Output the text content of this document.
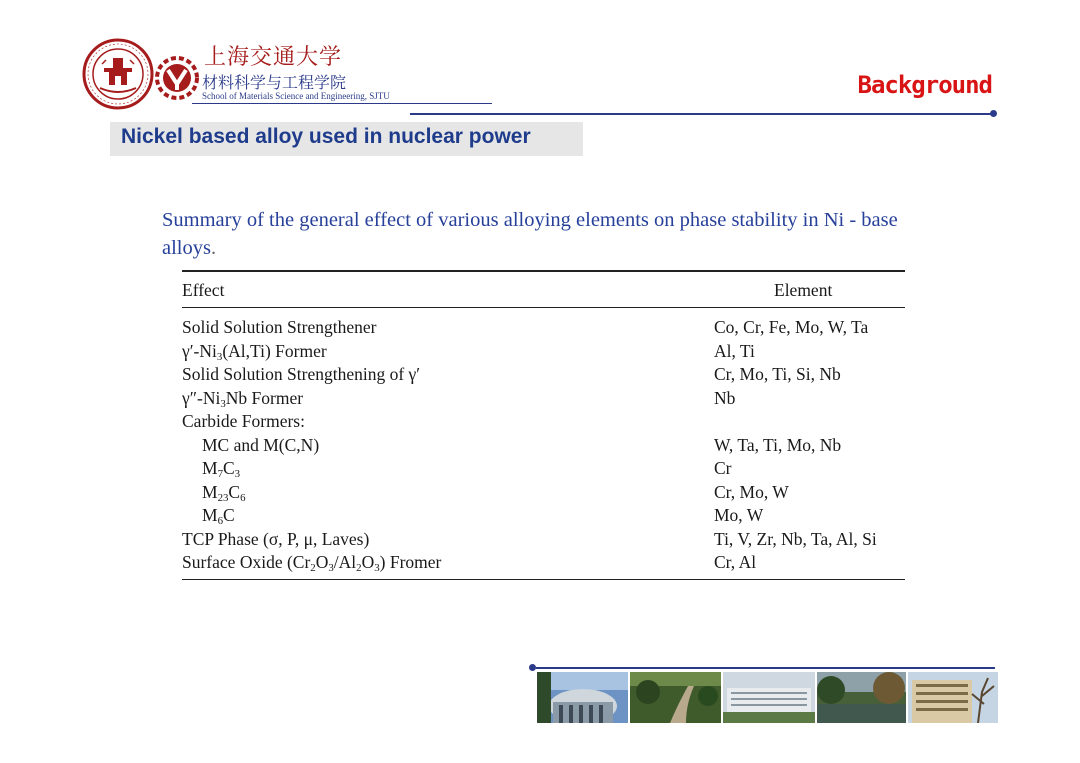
上海交通大学
材料科学与工程学院
School of Materials Science and Engineering, SJTU	Background
Nickel based alloy used in nuclear power
Summary of the general effect of various alloying elements on phase stability in Ni - base alloys.
Effect	Element
Solid Solution Strengthener	Co, Cr, Fe, Mo, W, Ta
$\gamma'-Ni_3(Al,Ti)$ Former	Al, Ti
Solid Solution Strengthening of γ′	Cr, Mo, Ti, Si, Nb
$\gamma''-Ni_3Nb$ Former	Nb
Carbide Formers:
MC and M(C,N)	W, Ta, Ti, Mo, Nb
$M_7C_3$	Cr
$M_{23}C_6$	Cr, Mo, W
$M_6C$	Mo, W
TCP Phase (σ, P, μ, Laves)	Ti, V, Zr, Nb, Ta, Al, Si
Surface Oxide $(Cr_2O_3/Al_2O_3)$ Fromer	Cr, Al
